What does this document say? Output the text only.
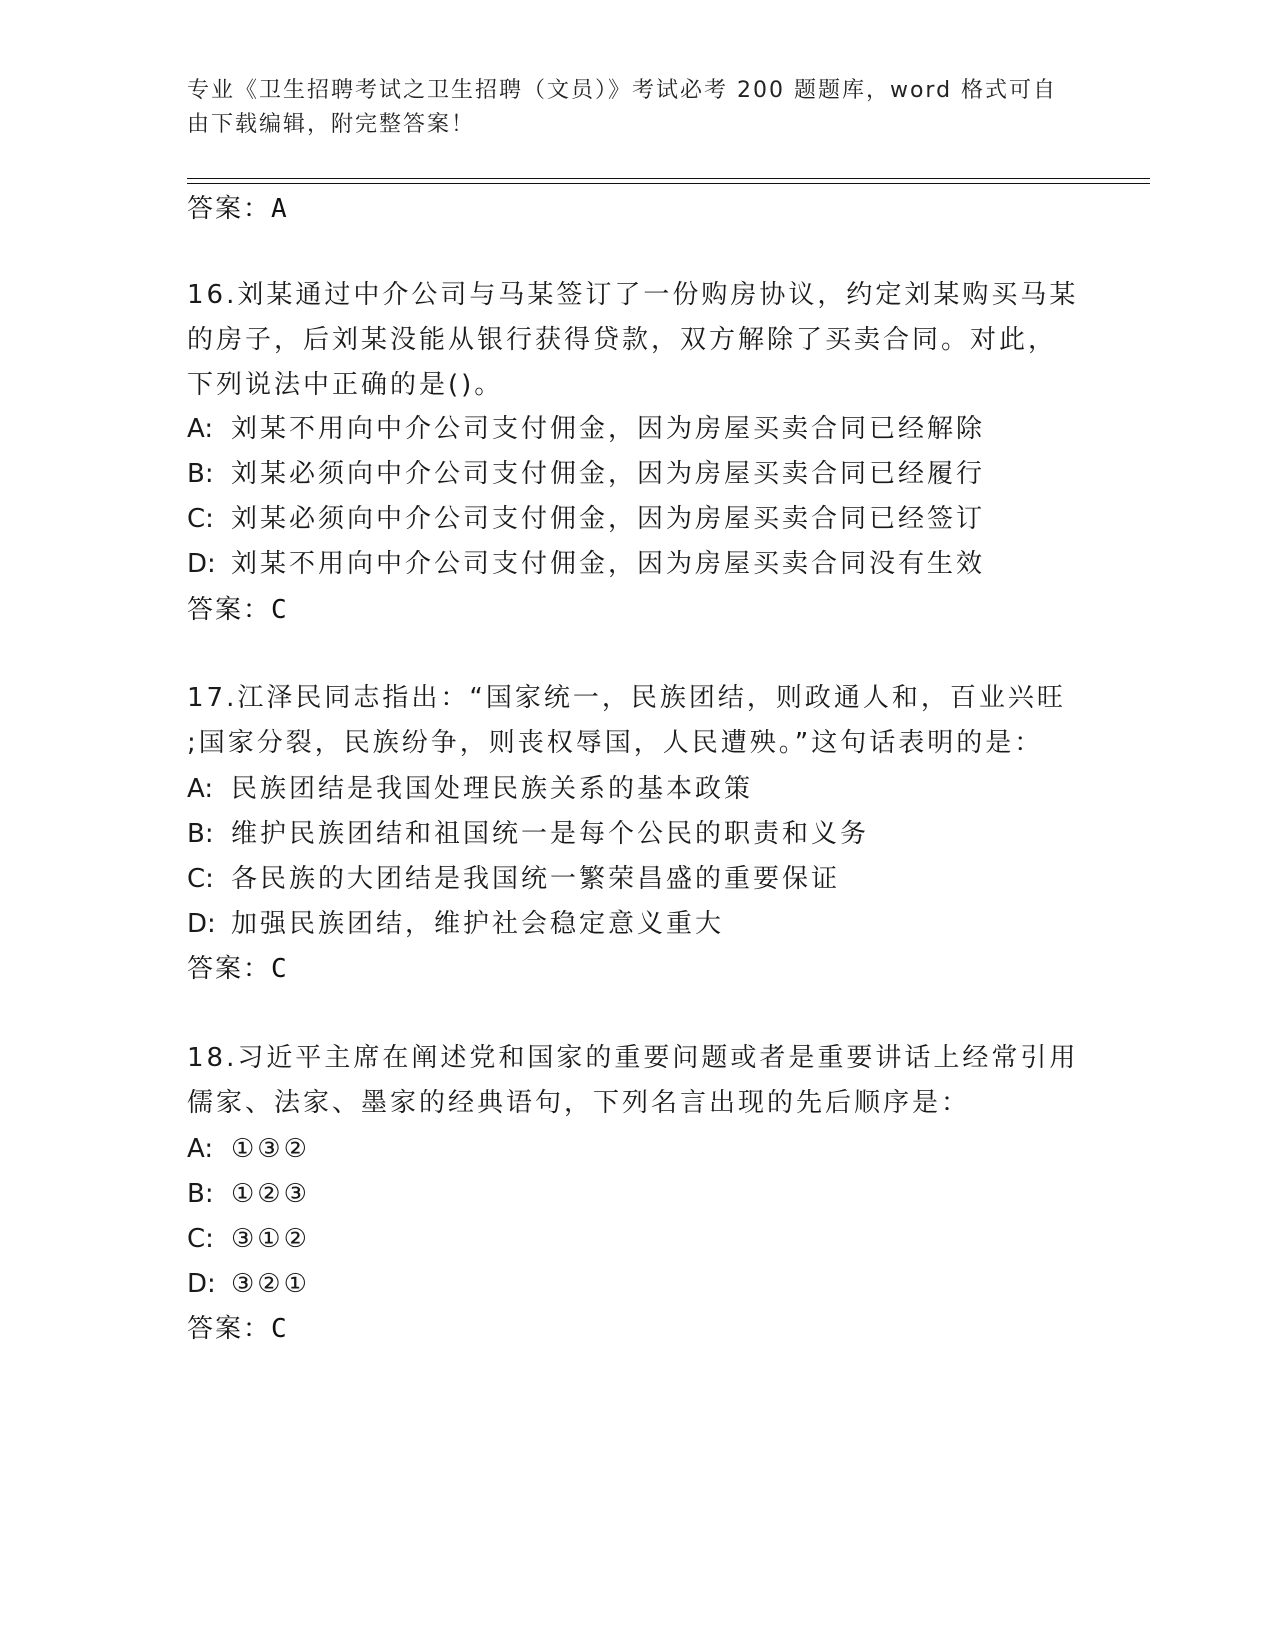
专业《卫生招聘考试之卫生招聘（文员）》考试必考 200 题题库，word 格式可自
由下载编辑，附完整答案！
答案：A
16.刘某通过中介公司与马某签订了一份购房协议，约定刘某购买马某
的房子，后刘某没能从银行获得贷款，双方解除了买卖合同。对此，
下列说法中正确的是()。
A: 刘某不用向中介公司支付佣金，因为房屋买卖合同已经解除
B: 刘某必须向中介公司支付佣金，因为房屋买卖合同已经履行
C: 刘某必须向中介公司支付佣金，因为房屋买卖合同已经签订
D: 刘某不用向中介公司支付佣金，因为房屋买卖合同没有生效
答案：C
17.江泽民同志指出：“国家统一，民族团结，则政通人和，百业兴旺
;国家分裂，民族纷争，则丧权辱国，人民遭殃。”这句话表明的是：
A: 民族团结是我国处理民族关系的基本政策
B: 维护民族团结和祖国统一是每个公民的职责和义务
C: 各民族的大团结是我国统一繁荣昌盛的重要保证
D: 加强民族团结，维护社会稳定意义重大
答案：C
18.习近平主席在阐述党和国家的重要问题或者是重要讲话上经常引用
儒家、法家、墨家的经典语句，下列名言出现的先后顺序是：
A: ①③②
B: ①②③
C: ③①②
D: ③②①
答案：C
